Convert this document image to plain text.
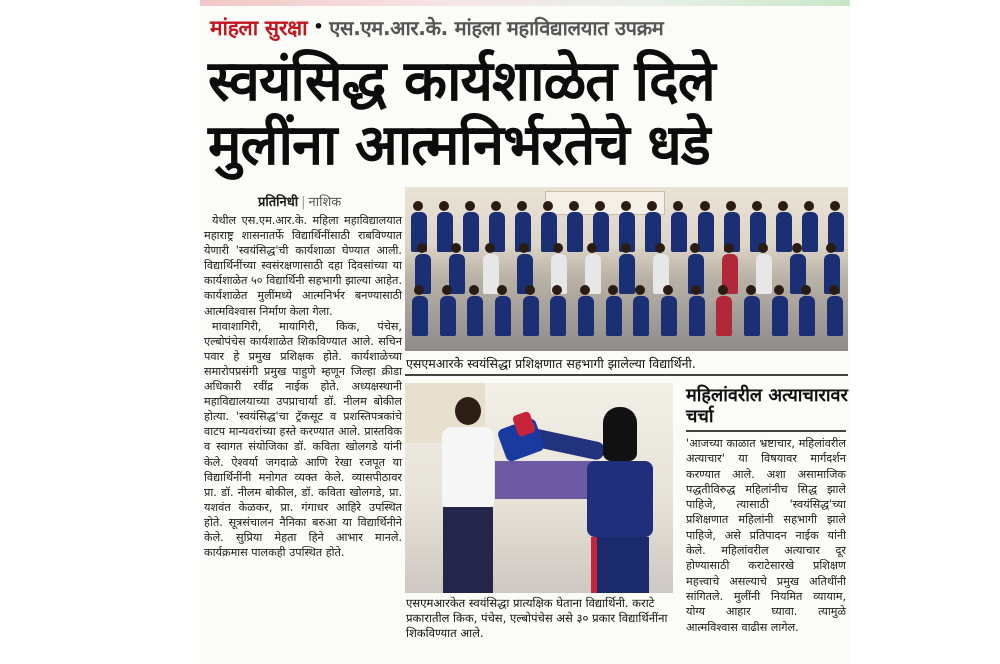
मांहला सुरक्षा • एस.एम.आर.के. मांहला महाविद्यालयात उपक्रम
स्वयंसिद्ध कार्यशाळेत दिले
मुलींना आत्मनिर्भरतेचे धडे
प्रतिनिधी | नाशिक

येथील एस.एम.आर.के. महिला महाविद्यालयात महाराष्ट्र शासनातर्फे विद्यार्थिनींसाठी राबविण्यात येणारी 'स्वयंसिद्ध'ची कार्यशाळा घेण्यात आली. विद्यार्थिनींच्या स्वसंरक्षणासाठी दहा दिवसांच्या या कार्यशाळेत ५० विद्यार्थिनी सहभागी झाल्या आहेत. कार्यशाळेत मुलींमध्ये आत्मनिर्भर बनण्यासाठी आत्मविश्वास निर्माण केला गेला.

मावाशागिरी, मायागिरी, किक, पंचेस, एल्बोपंचेस कार्यशाळेत शिकविण्यात आले. सचिन पवार हे प्रमुख प्रशिक्षक होते. कार्यशाळेच्या समारोपप्रसंगी प्रमुख पाहुणे म्हणून जिल्हा क्रीडा अधिकारी रवींद्र नाईक होते. अध्यक्षस्थानी महाविद्यालयाच्या उपप्राचार्या डॉ. नीलम बोकील होत्या. 'स्वयंसिद्ध'चा ट्रॅकसूट व प्रशस्तिपत्रकांचे वाटप मान्यवरांच्या हस्ते करण्यात आले. प्रास्तविक व स्वागत संयोजिका डॉ. कविता खोलगडे यांनी केले. ऐश्वर्या जगदाळे आणि रेखा रजपूत या विद्यार्थिनींनी मनोगत व्यक्त केले. व्यासपीठावर प्रा. डॉ. नीलम बोकील, डॉ. कविता खोलगडे, प्रा. यशवंत केळकर, प्रा. गंगाधर आहिरे उपस्थित होते. सूत्रसंचालन नैनिका बरुआ या विद्यार्थिनीने केले. सुप्रिया मेहता हिने आभार मानले. कार्यक्रमास पालकही उपस्थित होते.

एसएमआरकेे स्वयंसिद्धा प्रशिक्षणात सहभागी झालेल्या विद्यार्थिनी.
एसएमआरकेत स्वयंसिद्धा प्रात्यक्षिक घेताना विद्यार्थिनी. कराटे प्रकारातील किक, पंचेस, एल्बोपंचेस असे ३० प्रकार विद्यार्थिनींना शिकविण्यात आले.
महिलांवरील अत्याचारावर चर्चा

'आजच्या काळात भ्रष्टाचार, महिलांवरील अत्याचार' या विषयावर मार्गदर्शन करण्यात आले. अशा असामाजिक पद्धतीविरुद्ध महिलांनीच सिद्ध झाले पाहिजे, त्यासाठी 'स्वयंसिद्ध'च्या प्रशिक्षणात महिलांनी सहभागी झाले पाहिजे, असे प्रतिपादन नाईक यांनी केले. महिलांवरील अत्याचार दूर होण्यासाठी कराटेसारखे प्रशिक्षण महत्त्वाचे असल्याचे प्रमुख अतिथींनी सांगितले. मुलींनी नियमित व्यायाम, योग्य आहार घ्यावा. त्यामुळे आत्मविश्वास वाढीस लागेल.
